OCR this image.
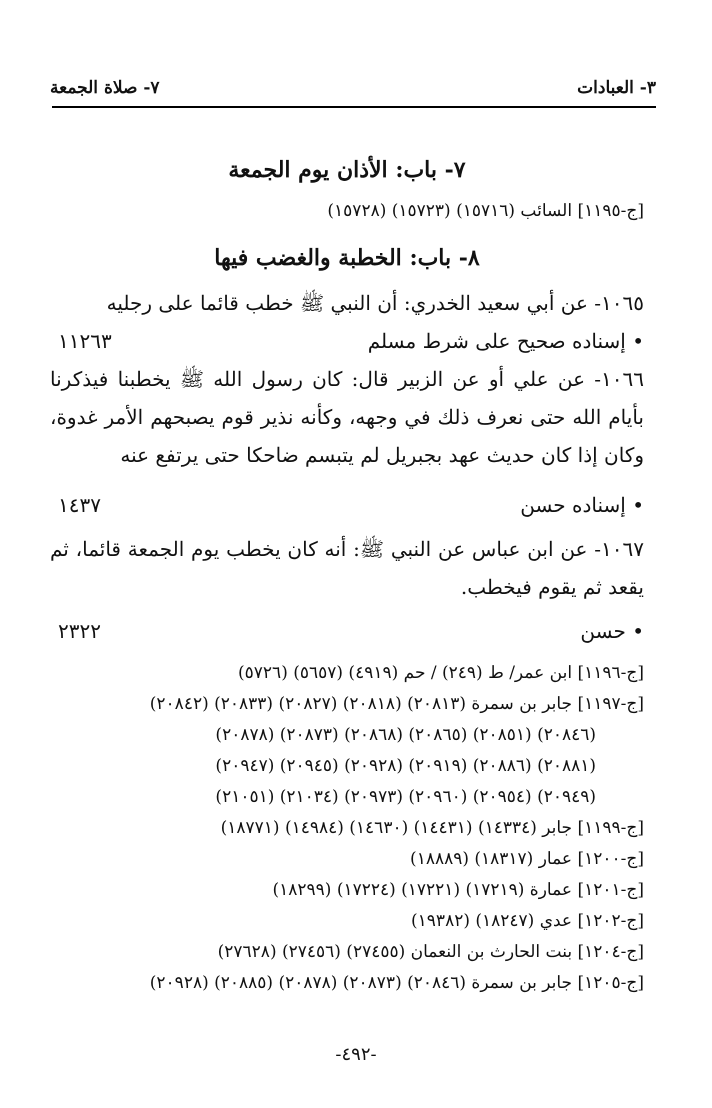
٣- العبادات
٧- صلاة الجمعة
٧- باب: الأذان يوم الجمعة

[ج-١١٩٥] السائب (١٥٧١٦) (١٥٧٢٣) (١٥٧٢٨)

٨- باب: الخطبة والغضب فيها

١٠٦٥- عن أبي سعيد الخدري: أن النبي ﷺ خطب قائما على رجليه

• إسناده صحيح على شرط مسلم
١١٢٦٣

١٠٦٦- عن علي أو عن الزبير قال: كان رسول الله ﷺ يخطبنا فيذكرنا بأيام الله حتى نعرف ذلك في وجهه، وكأنه نذير قوم يصبحهم الأمر غدوة، وكان إذا كان حديث عهد بجبريل لم يتبسم ضاحكا حتى يرتفع عنه

• إسناده حسن
١٤٣٧

١٠٦٧- عن ابن عباس عن النبي ﷺ: أنه كان يخطب يوم الجمعة قائما، ثم يقعد ثم يقوم فيخطب.

• حسن
٢٣٢٢
[ج-١١٩٦] ابن عمر/ ط (٢٤٩) / حم (٤٩١٩) (٥٦٥٧) (٥٧٢٦)
[ج-١١٩٧] جابر بن سمرة (٢٠٨١٣) (٢٠٨١٨) (٢٠٨٢٧) (٢٠٨٣٣) (٢٠٨٤٢)
(٢٠٨٤٦) (٢٠٨٥١) (٢٠٨٦٥) (٢٠٨٦٨) (٢٠٨٧٣) (٢٠٨٧٨)
(٢٠٨٨١) (٢٠٨٨٦) (٢٠٩١٩) (٢٠٩٢٨) (٢٠٩٤٥) (٢٠٩٤٧)
(٢٠٩٤٩) (٢٠٩٥٤) (٢٠٩٦٠) (٢٠٩٧٣) (٢١٠٣٤) (٢١٠٥١)
[ج-١١٩٩] جابر (١٤٣٣٤) (١٤٤٣١) (١٤٦٣٠) (١٤٩٨٤) (١٨٧٧١)
[ج-١٢٠٠] عمار (١٨٣١٧) (١٨٨٨٩)
[ج-١٢٠١] عمارة (١٧٢١٩) (١٧٢٢١) (١٧٢٢٤) (١٨٢٩٩)
[ج-١٢٠٢] عدي (١٨٢٤٧) (١٩٣٨٢)
[ج-١٢٠٤] بنت الحارث بن النعمان (٢٧٤٥٥) (٢٧٤٥٦) (٢٧٦٢٨)
[ج-١٢٠٥] جابر بن سمرة (٢٠٨٤٦) (٢٠٨٧٣) (٢٠٨٧٨) (٢٠٨٨٥) (٢٠٩٢٨)
-٤٩٢-
